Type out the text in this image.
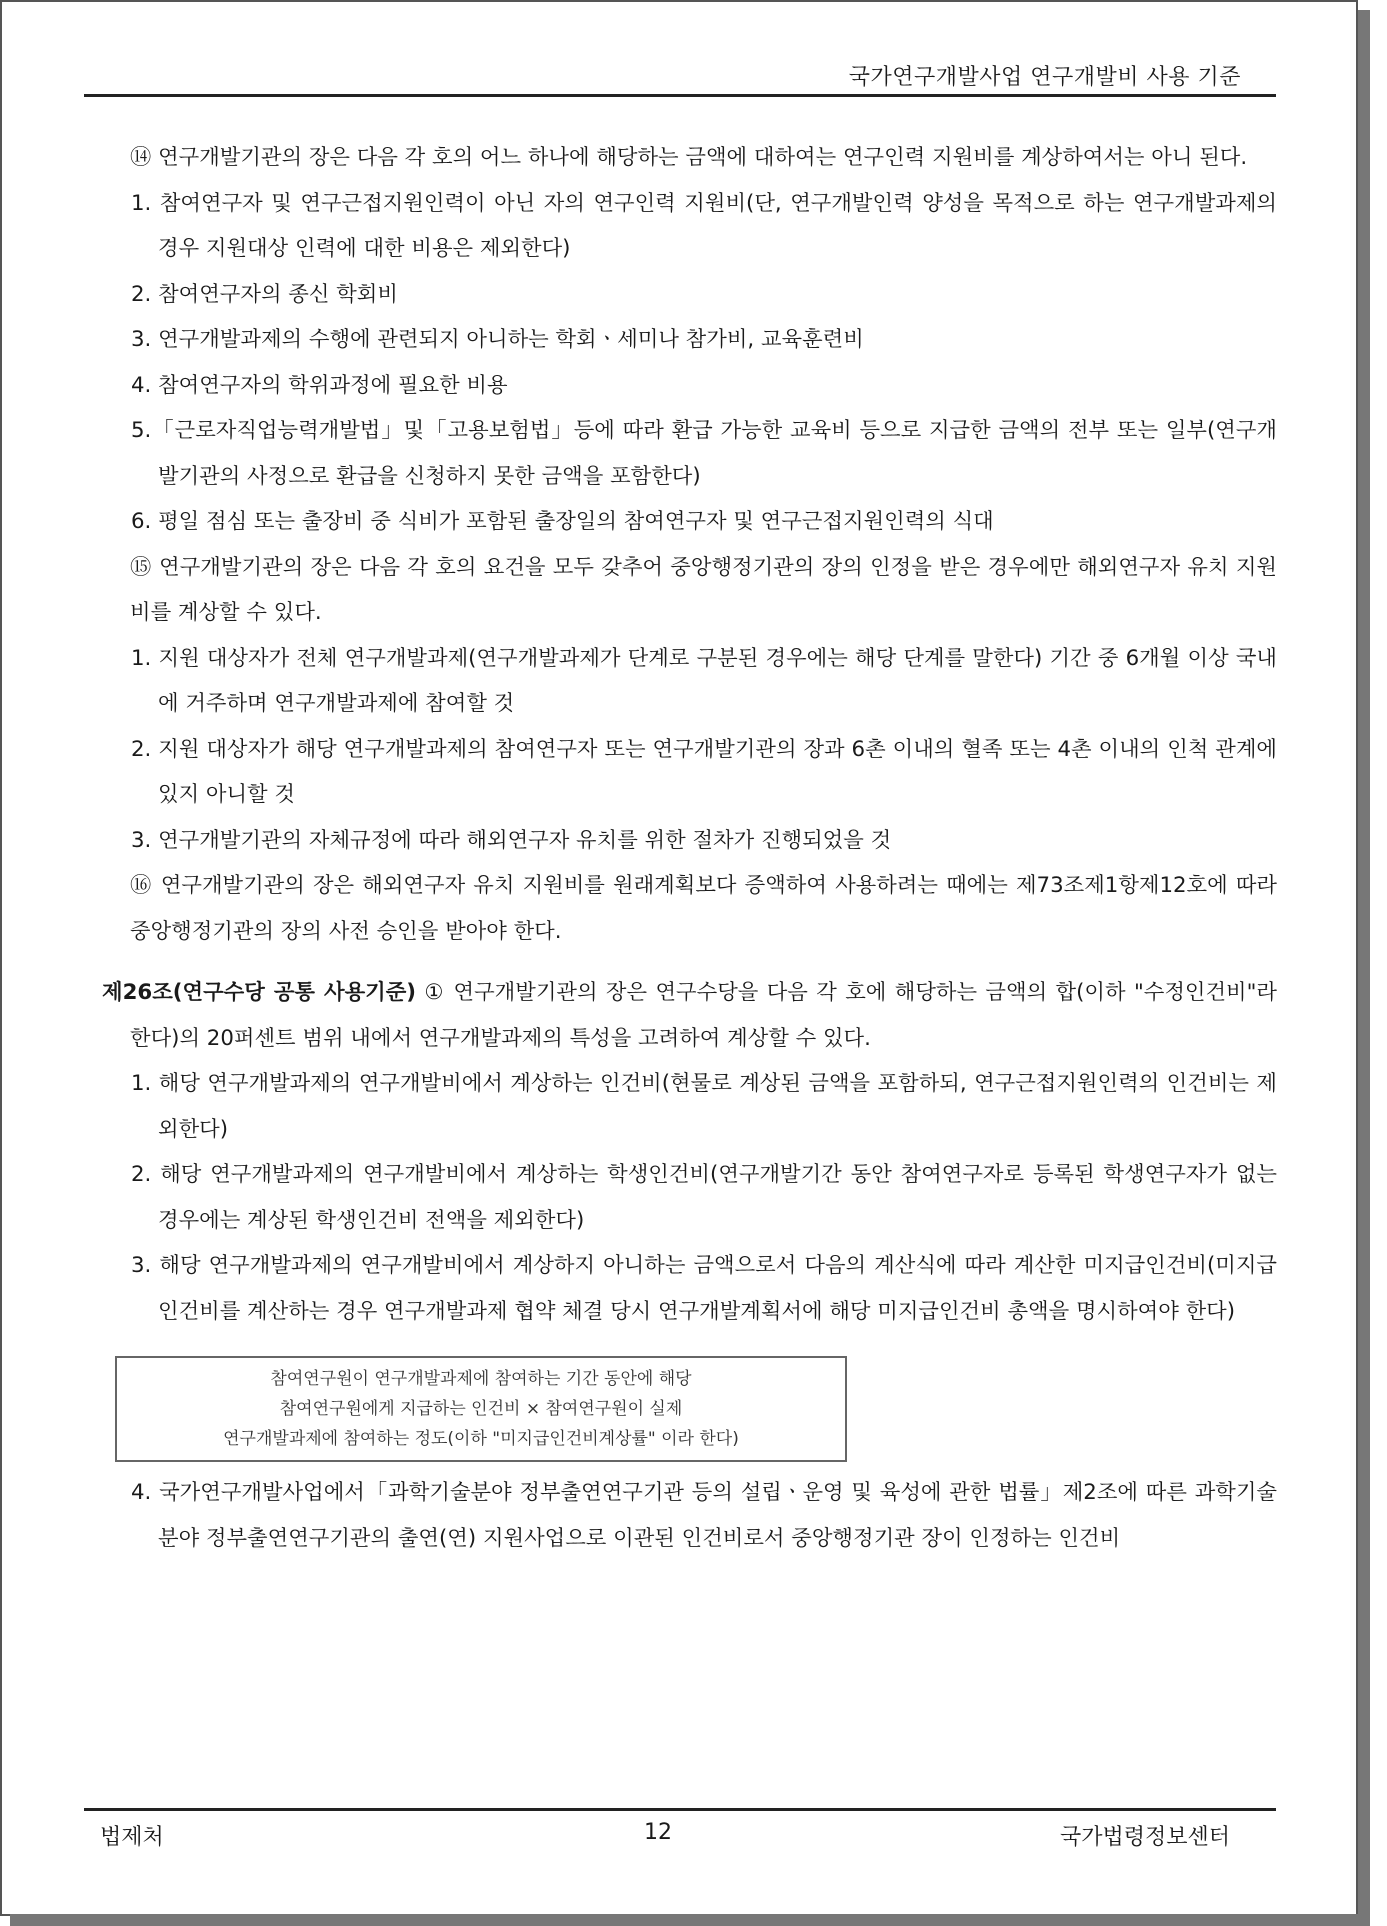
국가연구개발사업 연구개발비 사용 기준

⑭ 연구개발기관의 장은 다음 각 호의 어느 하나에 해당하는 금액에 대하여는 연구인력 지원비를 계상하여서는 아니 된다.

1. 참여연구자 및 연구근접지원인력이 아닌 자의 연구인력 지원비(단, 연구개발인력 양성을 목적으로 하는 연구개발과제의 경우 지원대상 인력에 대한 비용은 제외한다)

2. 참여연구자의 종신 학회비

3. 연구개발과제의 수행에 관련되지 아니하는 학회ㆍ세미나 참가비, 교육훈련비

4. 참여연구자의 학위과정에 필요한 비용

5.「근로자직업능력개발법」및「고용보험법」등에 따라 환급 가능한 교육비 등으로 지급한 금액의 전부 또는 일부(연구개발기관의 사정으로 환급을 신청하지 못한 금액을 포함한다)

6. 평일 점심 또는 출장비 중 식비가 포함된 출장일의 참여연구자 및 연구근접지원인력의 식대

⑮ 연구개발기관의 장은 다음 각 호의 요건을 모두 갖추어 중앙행정기관의 장의 인정을 받은 경우에만 해외연구자 유치 지원비를 계상할 수 있다.

1. 지원 대상자가 전체 연구개발과제(연구개발과제가 단계로 구분된 경우에는 해당 단계를 말한다) 기간 중 6개월 이상 국내에 거주하며 연구개발과제에 참여할 것

2. 지원 대상자가 해당 연구개발과제의 참여연구자 또는 연구개발기관의 장과 6촌 이내의 혈족 또는 4촌 이내의 인척 관계에 있지 아니할 것

3. 연구개발기관의 자체규정에 따라 해외연구자 유치를 위한 절차가 진행되었을 것

⑯ 연구개발기관의 장은 해외연구자 유치 지원비를 원래계획보다 증액하여 사용하려는 때에는 제73조제1항제12호에 따라 중앙행정기관의 장의 사전 승인을 받아야 한다.

제26조(연구수당 공통 사용기준) ① 연구개발기관의 장은 연구수당을 다음 각 호에 해당하는 금액의 합(이하 "수정인건비"라 한다)의 20퍼센트 범위 내에서 연구개발과제의 특성을 고려하여 계상할 수 있다.

1. 해당 연구개발과제의 연구개발비에서 계상하는 인건비(현물로 계상된 금액을 포함하되, 연구근접지원인력의 인건비는 제외한다)

2. 해당 연구개발과제의 연구개발비에서 계상하는 학생인건비(연구개발기간 동안 참여연구자로 등록된 학생연구자가 없는 경우에는 계상된 학생인건비 전액을 제외한다)

3. 해당 연구개발과제의 연구개발비에서 계상하지 아니하는 금액으로서 다음의 계산식에 따라 계산한 미지급인건비(미지급인건비를 계산하는 경우 연구개발과제 협약 체결 당시 연구개발계획서에 해당 미지급인건비 총액을 명시하여야 한다)

참여연구원이 연구개발과제에 참여하는 기간 동안에 해당
참여연구원에게 지급하는 인건비 × 참여연구원이 실제
연구개발과제에 참여하는 정도(이하 "미지급인건비계상률" 이라 한다)

4. 국가연구개발사업에서「과학기술분야 정부출연연구기관 등의 설립ㆍ운영 및 육성에 관한 법률」제2조에 따른 과학기술분야 정부출연연구기관의 출연(연) 지원사업으로 이관된 인건비로서 중앙행정기관 장이 인정하는 인건비

법제처	12	국가법령정보센터
